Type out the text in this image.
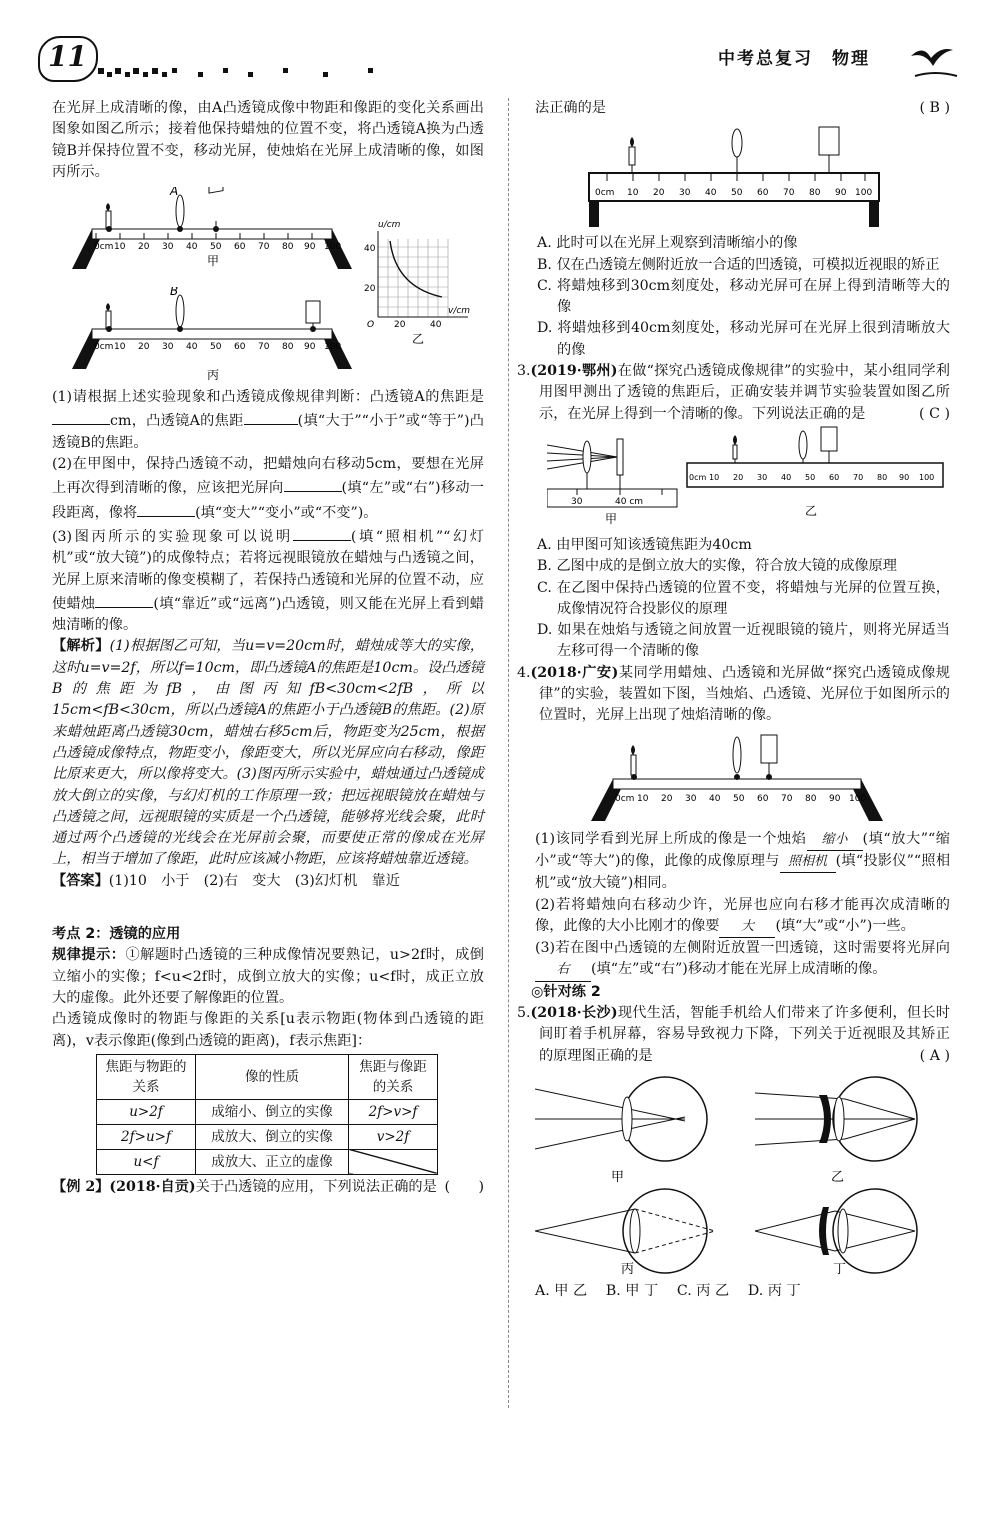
11	中考总复习　物理

在光屏上成清晰的像，由A凸透镜成像中物距和像距的变化关系画出图象如图乙所示；接着他保持蜡烛的位置不变，将凸透镜A换为凸透镜B并保持位置不变，移动光屏，使烛焰在光屏上成清晰的像，如图丙所示。

A
0cm 10 20 30 40 50 60 70 80 90 100
甲
B
0cm 10 20 30 40 50 60 70 80 90 100
丙
u/cm
v/cm
O
40
20
20	40
乙

(1)请根据上述实验现象和凸透镜成像规律判断：凸透镜A的焦距是cm，凸透镜A的焦距	(填“大于”“小于”或“等于”)凸透镜B的焦距。

(2)在甲图中，保持凸透镜不动，把蜡烛向右移动5cm，要想在光屏上再次得到清晰的像，应该把光屏向	(填“左”或“右”)移动一段距离，像将	(填“变大”“变小”或“不变”)。

(3)图丙所示的实验现象可以说明	(填“照相机”“幻灯机”或“放大镜”)的成像特点；若将远视眼镜放在蜡烛与凸透镜之间，光屏上原来清晰的像变模糊了，若保持凸透镜和光屏的位置不动，应使蜡烛	(填“靠近”或“远离”)凸透镜，则又能在光屏上看到蜡烛清晰的像。

【解析】(1)根据图乙可知，当u=v=20cm时，蜡烛成等大的实像，这时u=v=2f，所以f=10cm，即凸透镜A的焦距是10cm。设凸透镜B的焦距为fB，由图丙知fB<30cm<2fB，所以15cm<fB<30cm，所以凸透镜A的焦距小于凸透镜B的焦距。(2)原来蜡烛距离凸透镜30cm，蜡烛右移5cm后，物距变为25cm，根据凸透镜成像特点，物距变小，像距变大，所以光屏应向右移动，像距比原来更大，所以像将变大。(3)图丙所示实验中，蜡烛通过凸透镜成放大倒立的实像，与幻灯机的工作原理一致；把远视眼镜放在蜡烛与凸透镜之间，远视眼镜的实质是一个凸透镜，能够将光线会聚，此时通过两个凸透镜的光线会在光屏前会聚，而要使正常的像成在光屏上，相当于增加了像距，此时应该减小物距，应该将蜡烛靠近透镜。

【答案】(1)10　小于　(2)右　变大　(3)幻灯机　靠近

考点 2：透镜的应用

规律提示：①解题时凸透镜的三种成像情况要熟记，u>2f时，成倒立缩小的实像；f<u<2f时，成倒立放大的实像；u<f时，成正立放大的虚像。此外还要了解像距的位置。

凸透镜成像时的物距与像距的关系[u表示物距(物体到凸透镜的距离)，v表示像距(像到凸透镜的距离)，f表示焦距]：

焦距与物距的关系	像的性质	焦距与像距的关系
u>2f	成缩小、倒立的实像	2f>v>f
2f>u>f	成放大、倒立的实像	v>2f
u<f	成放大、正立的虚像	

【例 2】(2018·自贡)关于凸透镜的应用，下列说法正确的是 (　　)

法正确的是	( B )

0cm 10 20 30 40 50 60 70 80 90 100

A. 此时可以在光屏上观察到清晰缩小的像

B. 仅在凸透镜左侧附近放一合适的凹透镜，可模拟近视眼的矫正

C. 将蜡烛移到30cm刻度处，移动光屏可在屏上得到清晰等大的像

D. 将蜡烛移到40cm刻度处，移动光屏可在光屏上很到清晰放大的像

3.(2019·鄂州)在做“探究凸透镜成像规律”的实验中，某小组同学利用图甲测出了透镜的焦距后，正确安装并调节实验装置如图乙所示，在光屏上得到一个清晰的像。下列说法正确的是	( C )

30	40 cm
甲
0cm 10 20 30 40 50 60 70 80 90 100
乙

A. 由甲图可知该透镜焦距为40cm

B. 乙图中成的是倒立放大的实像，符合放大镜的成像原理

C. 在乙图中保持凸透镜的位置不变，将蜡烛与光屏的位置互换，成像情况符合投影仪的原理

D. 如果在烛焰与透镜之间放置一近视眼镜的镜片，则将光屏适当左移可得一个清晰的像

4.(2018·广安)某同学用蜡烛、凸透镜和光屏做“探究凸透镜成像规律”的实验，装置如下图，当烛焰、凸透镜、光屏位于如图所示的位置时，光屏上出现了烛焰清晰的像。

0cm 10 20 30 40 50 60 70 80 90 100

(1)该同学看到光屏上所成的像是一个烛焰 缩小 (填“放大”“缩小”或“等大”)的像，此像的成像原理与 照相机 (填“投影仪”“照相机”或“放大镜”)相同。

(2)若将蜡烛向右移动少许，光屏也应向右移才能再次成清晰的像，此像的大小比刚才的像要 大 (填“大”或“小”)一些。

(3)若在图中凸透镜的左侧附近放置一凹透镜，这时需要将光屏向右 (填“左”或“右”)移动才能在光屏上成清晰的像。

◎针对练 2

5.(2018·长沙)现代生活，智能手机给人们带来了许多便利，但长时间盯着手机屏幕，容易导致视力下降，下列关于近视眼及其矫正的原理图正确的是	( A )

甲	乙
丙	丁

A. 甲 乙　 B. 甲 丁　 C. 丙 乙　 D. 丙 丁
